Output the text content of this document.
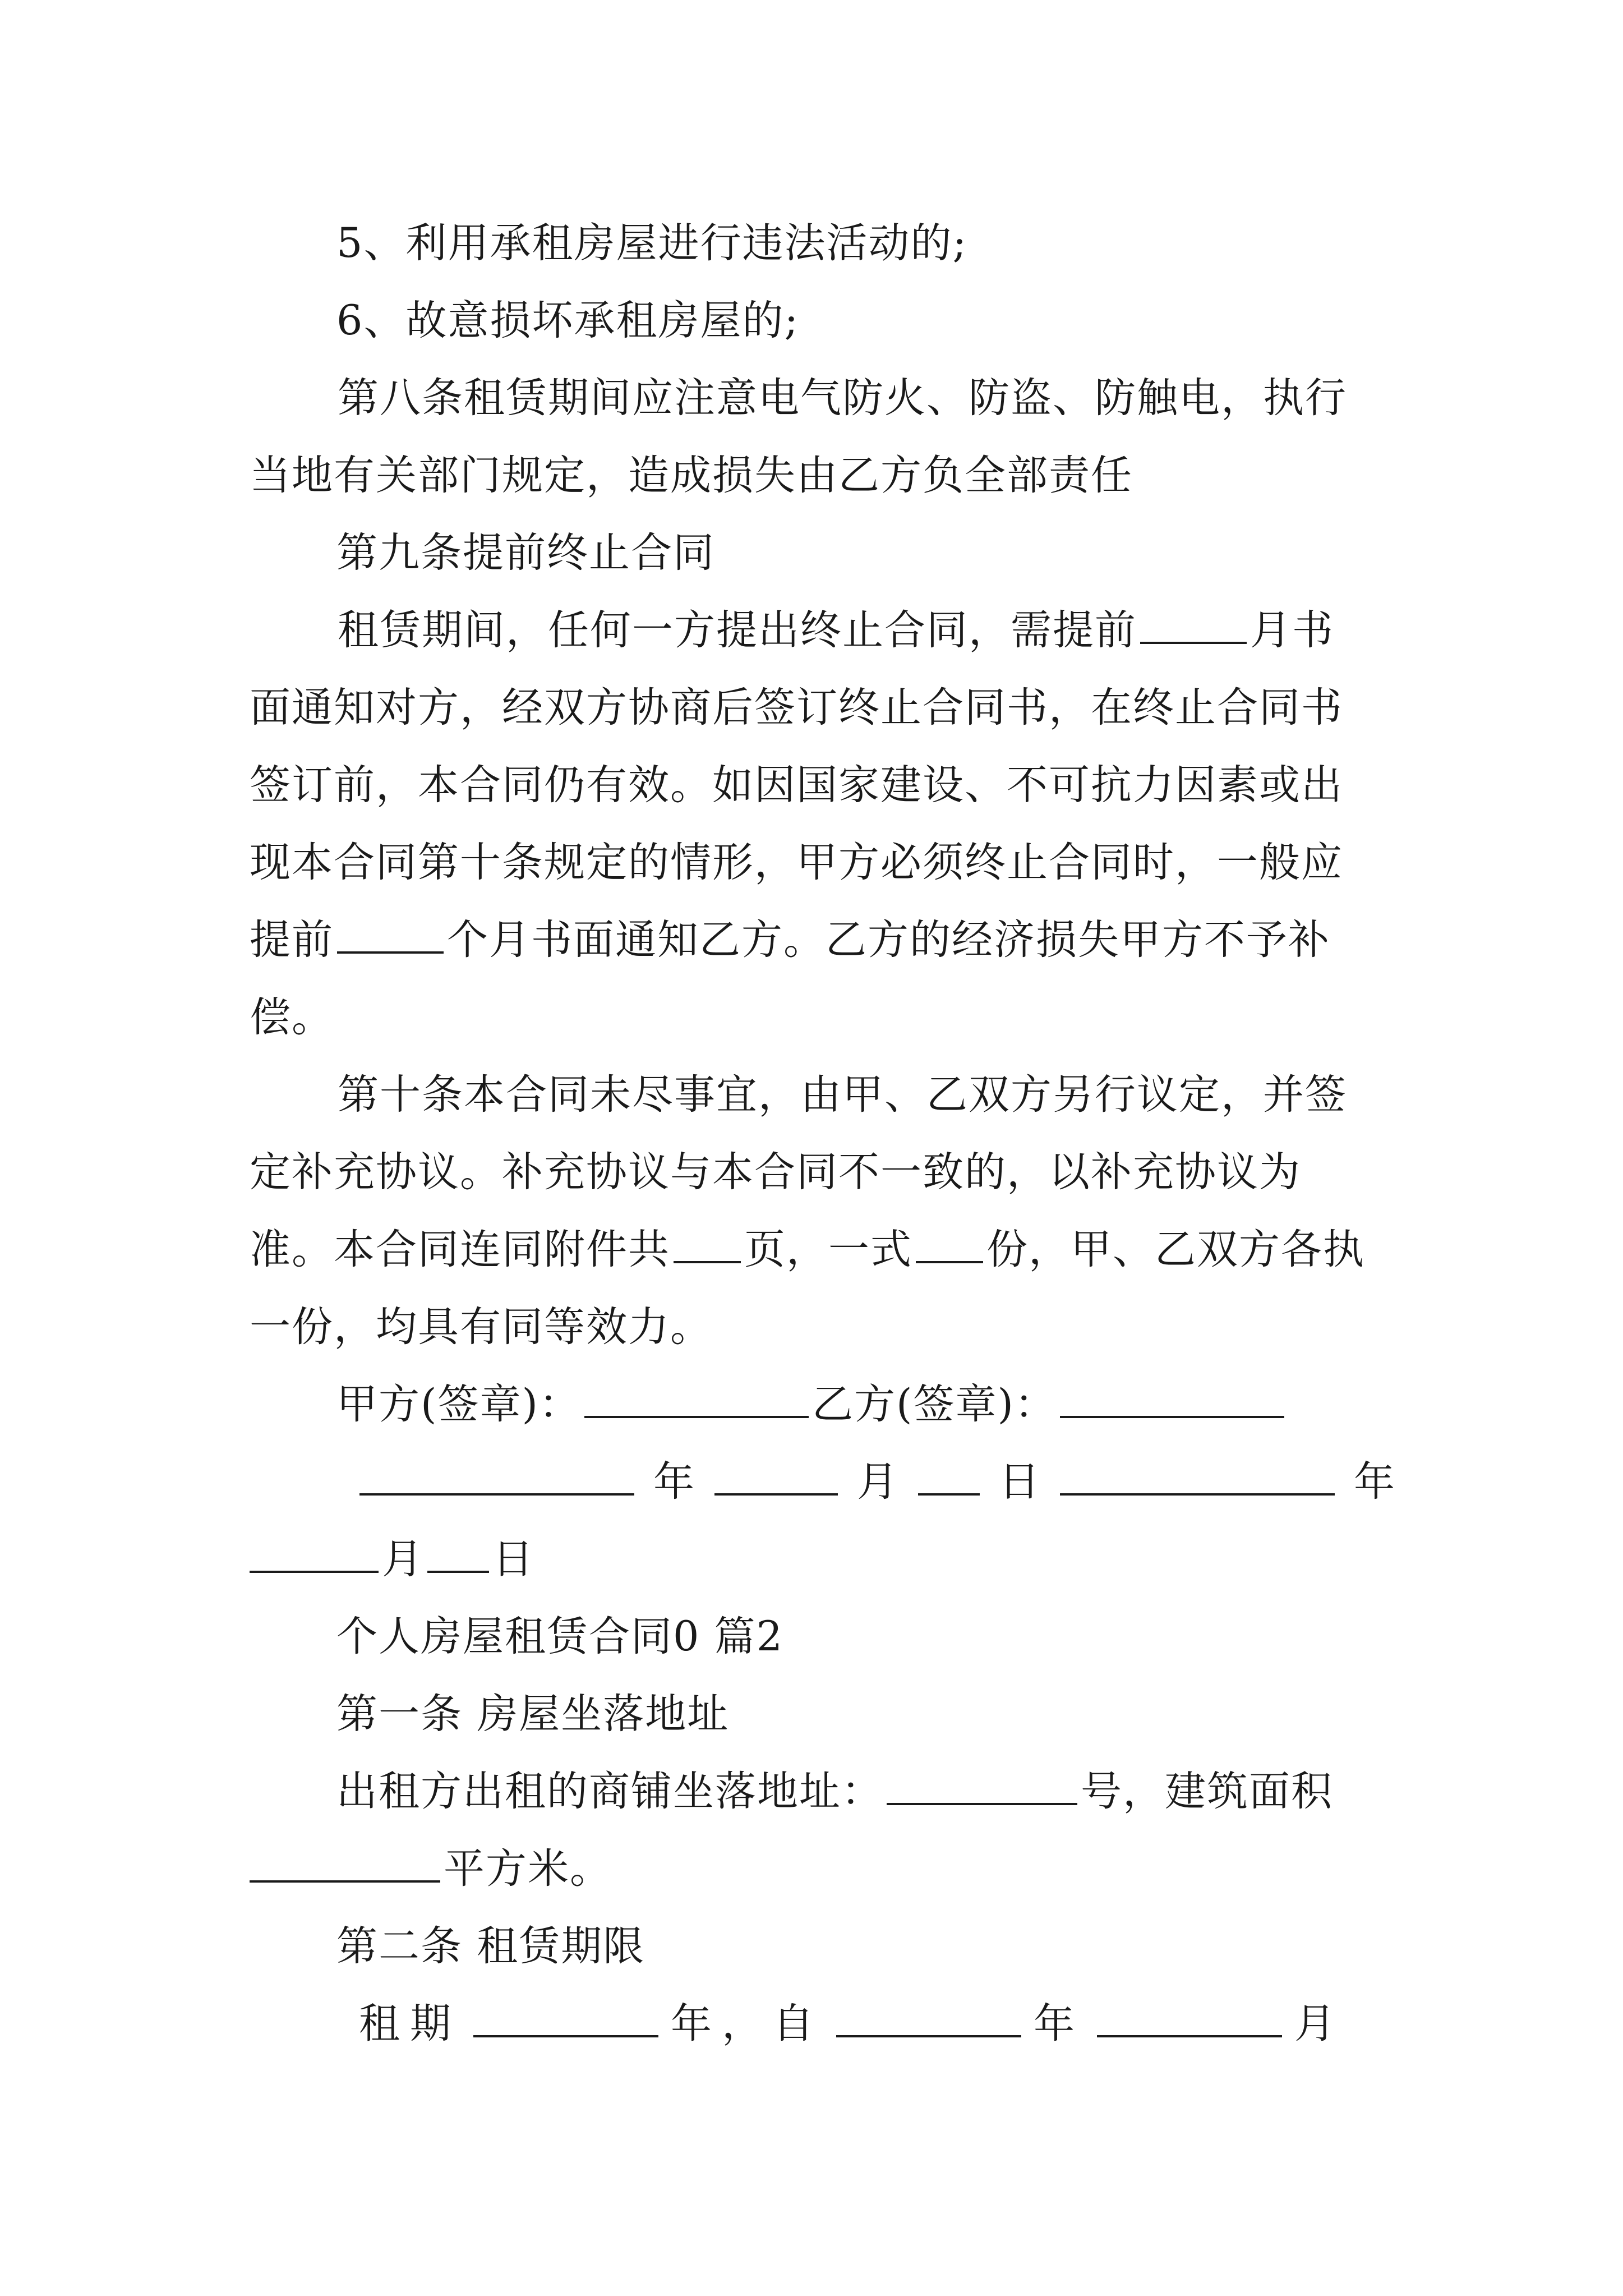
5、利用承租房屋进行违法活动的;

6、故意损坏承租房屋的;

第八条租赁期间应注意电气防火、防盗、防触电，执行当地有关部门规定，造成损失由乙方负全部责任

第九条提前终止合同

租赁期间，任何一方提出终止合同，需提前	月书面通知对方，经双方协商后签订终止合同书，在终止合同书签订前，本合同仍有效。如因国家建设、不可抗力因素或出现本合同第十条规定的情形，甲方必须终止合同时，一般应提前	个月书面通知乙方。乙方的经济损失甲方不予补偿。

第十条本合同未尽事宜，由甲、乙双方另行议定，并签定补充协议。补充协议与本合同不一致的，以补充协议为准。本合同连同附件共 页，一式 份，甲、乙双方各执一份，均具有同等效力。

甲方(签章)：	乙方(签章)：

年	月 日	年

月 日

个人房屋租赁合同0 篇2

第一条 房屋坐落地址

出租方出租的商铺坐落地址：	号，建筑面积

平方米。

第二条 租赁期限

租期	年，自	年	月
